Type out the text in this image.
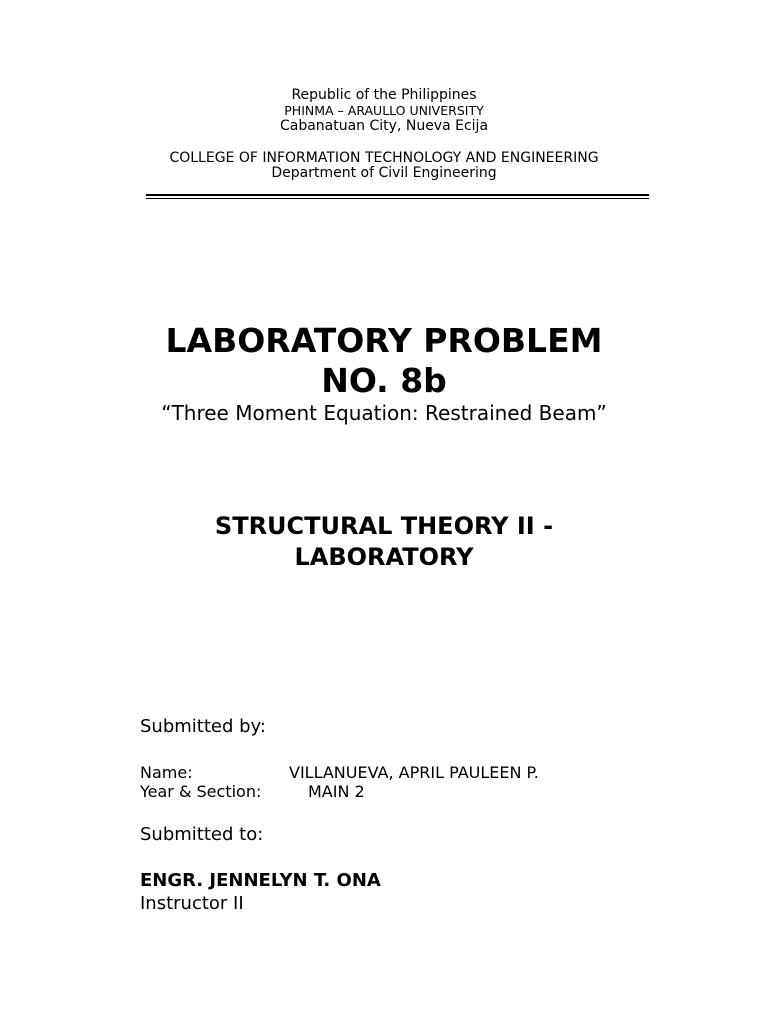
Republic of the Philippines
PHINMA – ARAULLO UNIVERSITY
Cabanatuan City, Nueva Ecija
COLLEGE OF INFORMATION TECHNOLOGY AND ENGINEERING
Department of Civil Engineering
LABORATORY PROBLEM
NO. 8b
“Three Moment Equation: Restrained Beam”
STRUCTURAL THEORY II -
LABORATORY
Submitted by:
Name:	VILLANUEVA, APRIL PAULEEN P.
Year & Section:	MAIN 2
Submitted to:
ENGR. JENNELYN T. ONA
Instructor II
